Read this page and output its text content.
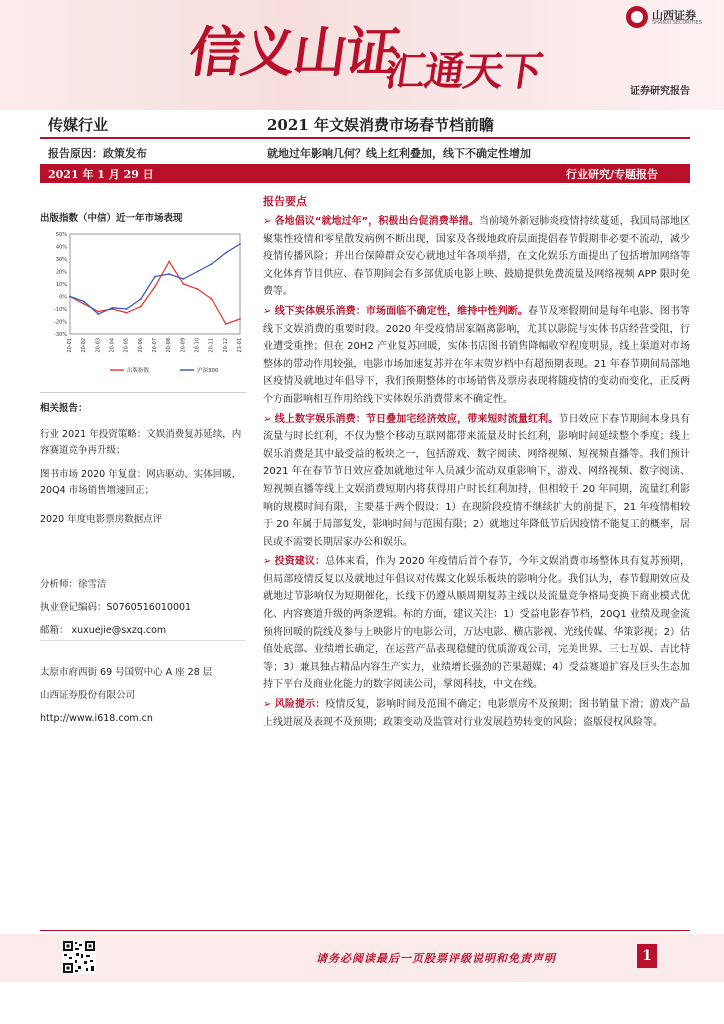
信义山证
汇通天下
山西证券
SHANXI SECURITIES
证券研究报告
传媒行业	2021 年文娱消费市场春节档前瞻
报告原因：政策发布	就地过年影响几何？线上红利叠加，线下不确定性增加
2021 年 1 月 29 日	行业研究/专题报告
出版指数（中信）近一年市场表现
-30%
-20%
-10%
0%
10%
20%
30%
40%
50%
20-01 20-02 20-03 20-04 20-05 20-06 20-07 20-08 20-09 20-10 20-11 20-12 21-01
出版指数	沪深300
相关报告：
行业 2021 年投资策略：文娱消费复苏延续，内容赛道竞争再升级；
图书市场 2020 年复盘：网店驱动、实体回暖，20Q4 市场销售增速回正；
2020 年度电影票房数据点评
分析师：徐雪洁
执业登记编码：S0760516010001
邮箱： xuxuejie@sxzq.com
太原市府西街 69 号国贸中心 A 座 28 层
山西证券股份有限公司
http://www.i618.com.cn
报告要点

➢ 各地倡议“就地过年”，积极出台促消费举措。当前境外新冠肺炎疫情持续蔓延，我国局部地区聚集性疫情和零星散发病例不断出现，国家及各级地政府层面提倡春节假期非必要不流动，减少疫情传播风险；并出台保障群众安心就地过年各项举措，在文化娱乐方面提出了包括增加网络等文化体育节目供应、春节期间会有多部优质电影上映、鼓励提供免费流量及网络视频 APP 限时免费等。

➢ 线下实体娱乐消费：市场面临不确定性，维持中性判断。春节及寒假期间是每年电影、图书等线下文娱消费的重要时段。2020 年受疫情居家隔离影响，尤其以影院与实体书店经营受阻，行业遭受重挫；但在 20H2 产业复苏回暖，实体书店图书销售降幅收窄程度明显，线上渠道对市场整体的带动作用较强，电影市场加速复苏并在年末贺岁档中有超预期表现。21 年春节期间局部地区疫情及就地过年倡导下，我们预期整体的市场销售及票房表现将随疫情的变动而变化，正反两个方面影响相互作用给线下实体娱乐消费带来不确定性。

➢ 线上数字娱乐消费：节日叠加宅经济效应，带来短时流量红利。节日效应下春节期间本身具有流量与时长红利，不仅为整个移动互联网都带来流量及时长红利，影响时间延续整个季度；线上娱乐消费是其中最受益的板块之一，包括游戏、数字阅读、网络视频、短视频直播等。我们预计 2021 年在春节节日效应叠加就地过年人员减少流动双重影响下，游戏、网络视频、数字阅读、短视频直播等线上文娱消费短期内将获得用户时长红利加持，但相较于 20 年同期，流量红利影响的规模时间有限，主要基于两个假设：1）在现阶段疫情不继续扩大的前提下，21 年疫情相较于 20 年属于局部复发，影响时间与范围有限；2）就地过年降低节后因疫情不能复工的概率，居民或不需要长期居家办公和娱乐。

➢ 投资建议：总体来看，作为 2020 年疫情后首个春节，今年文娱消费市场整体具有复苏预期，但局部疫情反复以及就地过年倡议对传媒文化娱乐板块的影响分化。我们认为，春节假期效应及就地过节影响仅为短期催化，长线下仍遵从顺周期复苏主线以及流量竞争格局变换下商业模式优化、内容赛道升级的两条逻辑。标的方面，建议关注：1）受益电影春节档，20Q1 业绩及现金流预将回暖的院线及参与上映影片的电影公司，万达电影、横店影视、光线传媒、华策影视；2）估值处底部、业绩增长确定，在运营产品表现稳健的优质游戏公司，完美世界、三七互娱、吉比特等；3）兼具独占精品内容生产实力，业绩增长强劲的芒果超媒；4）受益赛道扩容及巨头生态加持下平台及商业化能力的数字阅读公司，掌阅科技，中文在线。

➢ 风险提示：疫情反复，影响时间及范围不确定；电影票房不及预期；图书销量下滑；游戏产品上线进展及表现不及预期；政策变动及监管对行业发展趋势转变的风险；盗版侵权风险等。

请务必阅读最后一页股票评级说明和免责声明	1
